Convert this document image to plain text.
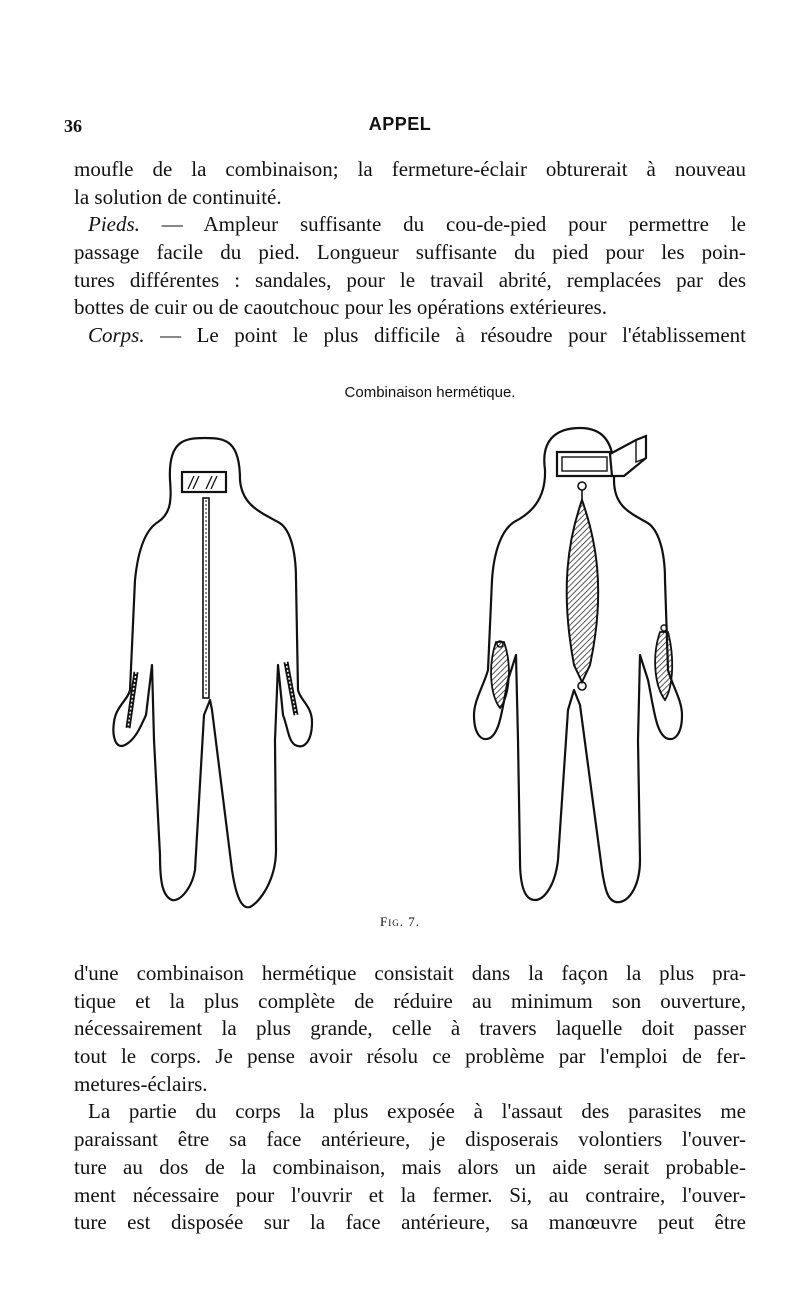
36	APPEL
moufle de la combinaison; la fermeture-éclair obturerait à nouveau
la solution de continuité.
Pieds. — Ampleur suffisante du cou-de-pied pour permettre le
passage facile du pied. Longueur suffisante du pied pour les poin-
tures différentes : sandales, pour le travail abrité, remplacées par des
bottes de cuir ou de caoutchouc pour les opérations extérieures.
Corps. — Le point le plus difficile à résoudre pour l'établissement
Combinaison hermétique.
Fig. 7.
d'une combinaison hermétique consistait dans la façon la plus pra-
tique et la plus complète de réduire au minimum son ouverture,
nécessairement la plus grande, celle à travers laquelle doit passer
tout le corps. Je pense avoir résolu ce problème par l'emploi de fer-
metures-éclairs.
La partie du corps la plus exposée à l'assaut des parasites me
paraissant être sa face antérieure, je disposerais volontiers l'ouver-
ture au dos de la combinaison, mais alors un aide serait probable-
ment nécessaire pour l'ouvrir et la fermer. Si, au contraire, l'ouver-
ture est disposée sur la face antérieure, sa manœuvre peut être
